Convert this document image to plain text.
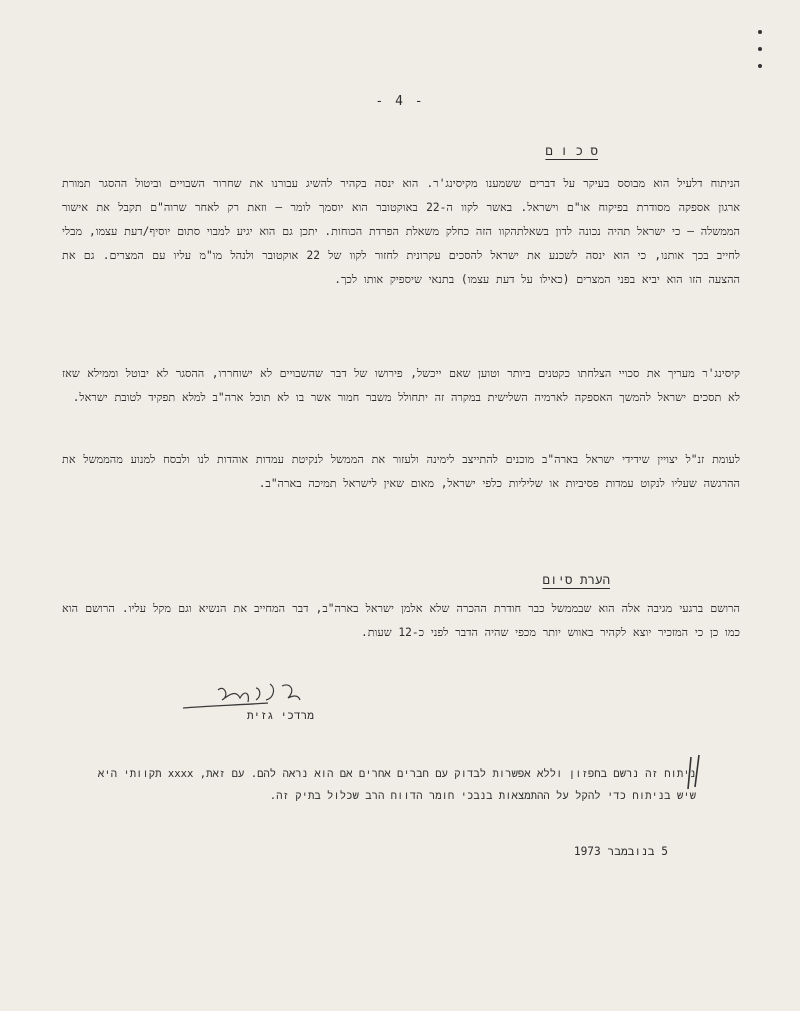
- 4 -
ס כ ו ם
הניתוח דלעיל הוא מבוסס בעיקר על דברים ששמענו מקיסינג'ר. הוא ינסה בקהיר להשיג עבורנו את שחרור השבויים וביטול ההסגר תמורת ארגון אספקה מסודרת בפיקוח או"ם וישראל. באשר לקוו ה-22 באוקטובר הוא יוסמך לומר – וזאת רק לאחר שרוה"ם תקבל את אישור הממשלה – כי ישראל תהיה נכונה לדון בשאלתהקוו הזה כחלק משאלת הפרדת הכוחות. יתכן גם הוא יגיע למבוי סתום יוסיף/דעת עצמו, מבלי לחייב בכך אותנו, כי הוא ינסה לשכנע את ישראל להסכים עקרונית לחזור לקוו של 22 אוקטובר ולנהל מו"מ עליו עם המצרים. גם את ההצעה הזו הוא יביא בפני המצרים (כאילו על דעת עצמו) בתנאי שיספיק אותו לכך.
קיסינג'ר מעריך את סכויי הצלחתו כקטנים ביותר וטוען שאם ייכשל, פירושו של דבר שהשבויים לא ישוחררו, ההסגר לא יבוטל וממילא שאז לא תסכים ישראל להמשך האספקה לארמיה השלישית במקרה זה יתחולל משבר חמור אשר בו לא תוכל ארה"ב למלא תפקיד לטובת ישראל.
לעומת זנ"ל יצויין שידידי ישראל בארה"ב מוכנים להתייצב לימינה ולעזור את הממשל לנקיטת עמדות אוהדות לנו ולבסח למנוע מהממשל את ההרגשה שעליו לנקוט עמדות פסיביות או שליליות כלפי ישראל, מאום שאין לישראל תמיכה בארה"ב.
הערת סיום
הרושם ברגעי מגיבה אלה הוא שבממשל כבר חודרת ההכרה שלא אלמן ישראל בארה"ב, דבר המחייב את הנשיא וגם מקל עליו. הרושם הוא כמו כן כי המזכיר יוצא לקהיר באווש יותר מכפי שהיה הדבר לפני כ-12 שעות.
מרדכי גזית
ניתוח זה נרשם בחפזון וללא אפשרות לבדוק עם חברים אחרים אם הוא נראה להם. עם זאת, xxxx תקוותי היא שיש בניתוח כדי להקל על ההתמצאות בנבכי חומר הדווח הרב שכלול בתיק זה.
5 בנובמבר 1973
